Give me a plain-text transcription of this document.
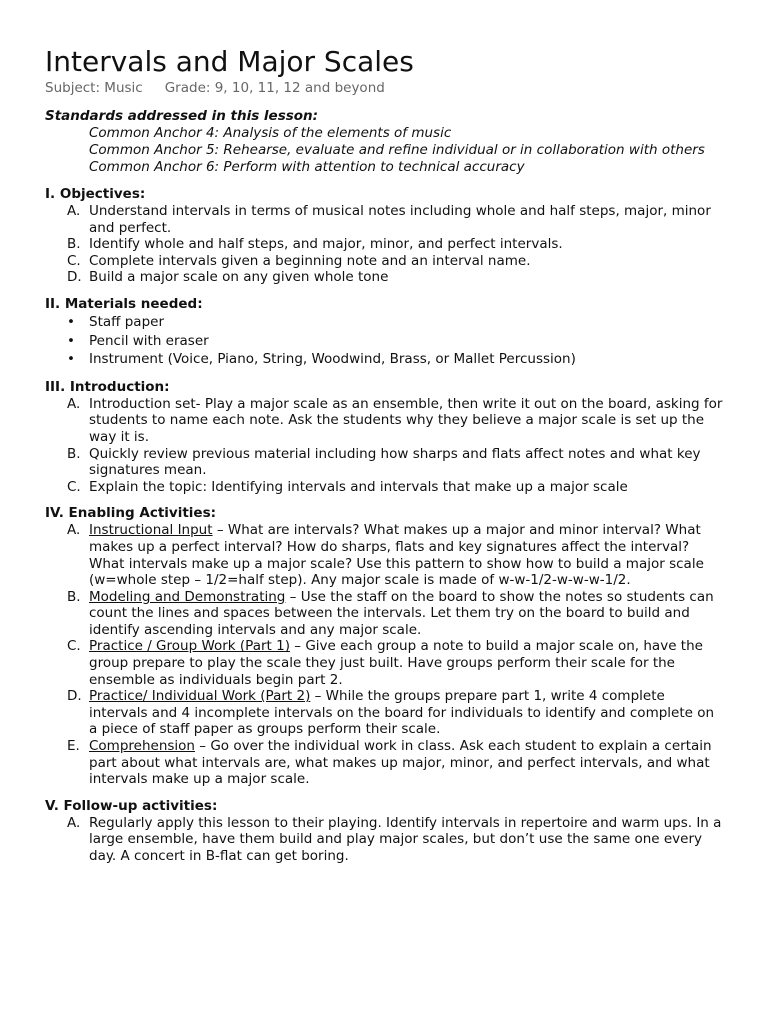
Intervals and Major Scales
Subject: Music Grade: 9, 10, 11, 12 and beyond
Standards addressed in this lesson:
Common Anchor 4: Analysis of the elements of music
Common Anchor 5: Rehearse, evaluate and refine individual or in collaboration with others
Common Anchor 6: Perform with attention to technical accuracy
I. Objectives:
A. Understand intervals in terms of musical notes including whole and half steps, major, minor and perfect.
B. Identify whole and half steps, and major, minor, and perfect intervals.
C. Complete intervals given a beginning note and an interval name.
D. Build a major scale on any given whole tone
II. Materials needed:
• Staff paper
• Pencil with eraser
• Instrument (Voice, Piano, String, Woodwind, Brass, or Mallet Percussion)
III. Introduction:
A. Introduction set- Play a major scale as an ensemble, then write it out on the board, asking for students to name each note. Ask the students why they believe a major scale is set up the way it is.
B. Quickly review previous material including how sharps and flats affect notes and what key signatures mean.
C. Explain the topic: Identifying intervals and intervals that make up a major scale
IV. Enabling Activities:
A. Instructional Input – What are intervals? What makes up a major and minor interval? What makes up a perfect interval? How do sharps, flats and key signatures affect the interval? What intervals make up a major scale? Use this pattern to show how to build a major scale (w=whole step – 1/2=half step). Any major scale is made of w-w-1/2-w-w-w-1/2.
B. Modeling and Demonstrating – Use the staff on the board to show the notes so students can count the lines and spaces between the intervals. Let them try on the board to build and identify ascending intervals and any major scale.
C. Practice / Group Work (Part 1) – Give each group a note to build a major scale on, have the group prepare to play the scale they just built. Have groups perform their scale for the ensemble as individuals begin part 2.
D. Practice/ Individual Work (Part 2) – While the groups prepare part 1, write 4 complete intervals and 4 incomplete intervals on the board for individuals to identify and complete on a piece of staff paper as groups perform their scale.
E. Comprehension – Go over the individual work in class. Ask each student to explain a certain part about what intervals are, what makes up major, minor, and perfect intervals, and what intervals make up a major scale.
V. Follow-up activities:
A. Regularly apply this lesson to their playing. Identify intervals in repertoire and warm ups. In a large ensemble, have them build and play major scales, but don’t use the same one every day. A concert in B-flat can get boring.
